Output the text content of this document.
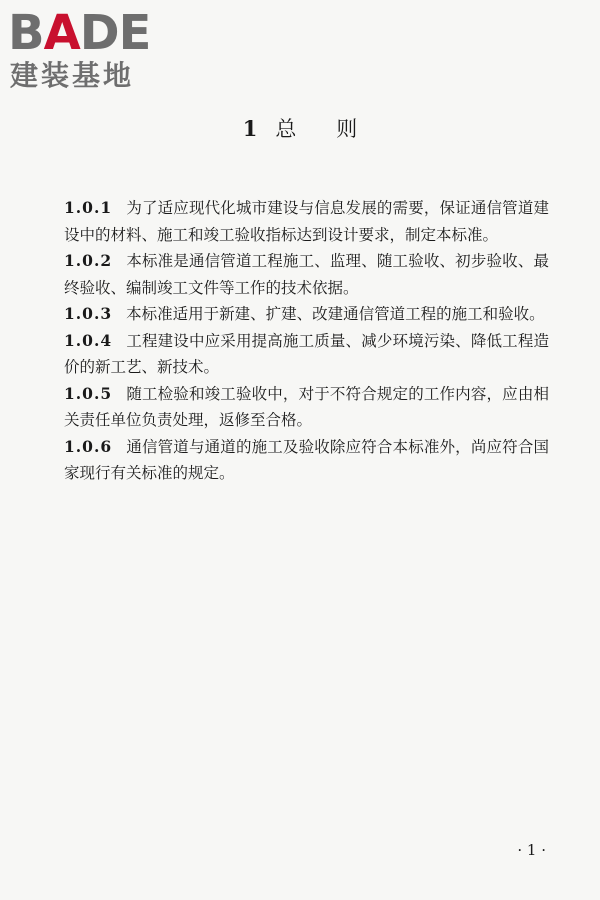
BADE
建装基地
1 总则

1.0.1 为了适应现代化城市建设与信息发展的需要，保证通信管道建设中的材料、施工和竣工验收指标达到设计要求，制定本标准。

1.0.2 本标准是通信管道工程施工、监理、随工验收、初步验收、最终验收、编制竣工文件等工作的技术依据。

1.0.3 本标准适用于新建、扩建、改建通信管道工程的施工和验收。

1.0.4 工程建设中应采用提高施工质量、减少环境污染、降低工程造价的新工艺、新技术。

1.0.5 随工检验和竣工验收中，对于不符合规定的工作内容，应由相关责任单位负责处理，返修至合格。

1.0.6 通信管道与通道的施工及验收除应符合本标准外，尚应符合国家现行有关标准的规定。

· 1 ·
